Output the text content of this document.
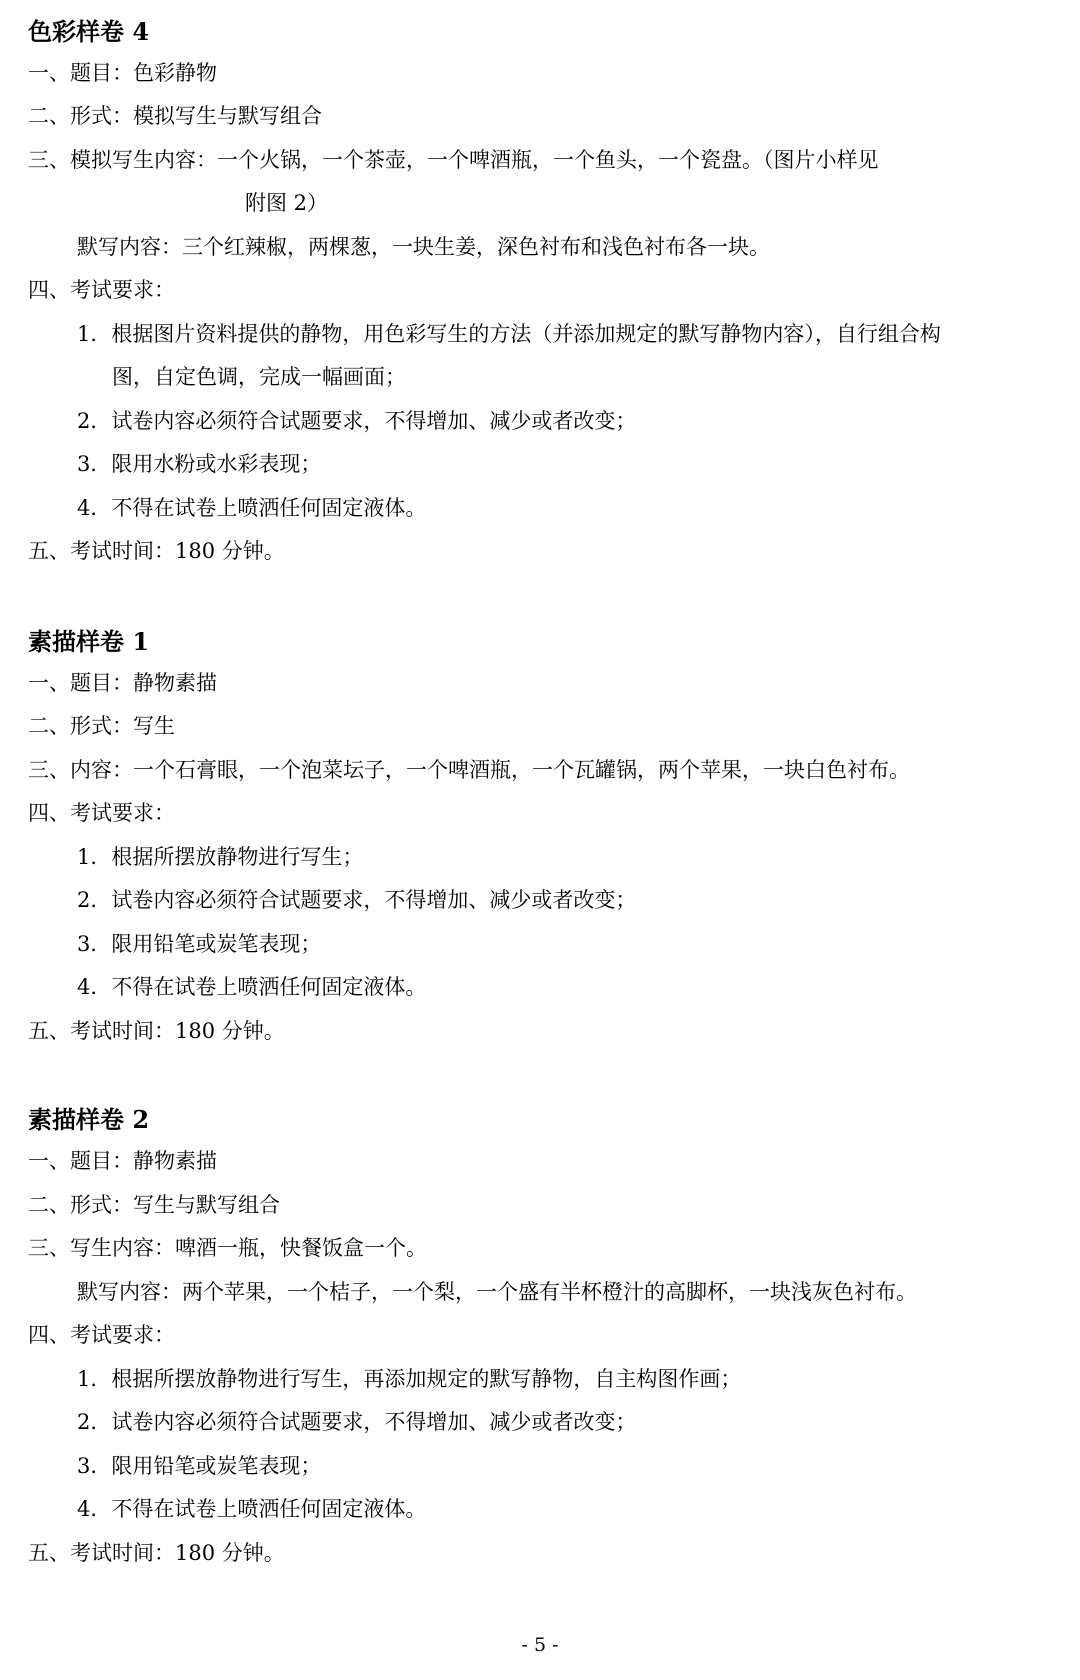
色彩样卷 4
一、题目：色彩静物
二、形式：模拟写生与默写组合
三、模拟写生内容：一个火锅，一个茶壶，一个啤酒瓶，一个鱼头，一个瓷盘。（图片小样见
附图 2）
默写内容：三个红辣椒，两棵葱，一块生姜，深色衬布和浅色衬布各一块。
四、考试要求：
1．根据图片资料提供的静物，用色彩写生的方法（并添加规定的默写静物内容），自行组合构
图，自定色调，完成一幅画面；
2．试卷内容必须符合试题要求，不得增加、减少或者改变；
3．限用水粉或水彩表现；
4．不得在试卷上喷洒任何固定液体。
五、考试时间：180 分钟。
素描样卷 1
一、题目：静物素描
二、形式：写生
三、内容：一个石膏眼，一个泡菜坛子，一个啤酒瓶，一个瓦罐锅，两个苹果，一块白色衬布。
四、考试要求：
1．根据所摆放静物进行写生；
2．试卷内容必须符合试题要求，不得增加、减少或者改变；
3．限用铅笔或炭笔表现；
4．不得在试卷上喷洒任何固定液体。
五、考试时间：180 分钟。
素描样卷 2
一、题目：静物素描
二、形式：写生与默写组合
三、写生内容：啤酒一瓶，快餐饭盒一个。
默写内容：两个苹果，一个桔子，一个梨，一个盛有半杯橙汁的高脚杯，一块浅灰色衬布。
四、考试要求：
1．根据所摆放静物进行写生，再添加规定的默写静物，自主构图作画；
2．试卷内容必须符合试题要求，不得增加、减少或者改变；
3．限用铅笔或炭笔表现；
4．不得在试卷上喷洒任何固定液体。
五、考试时间：180 分钟。
- 5 -
